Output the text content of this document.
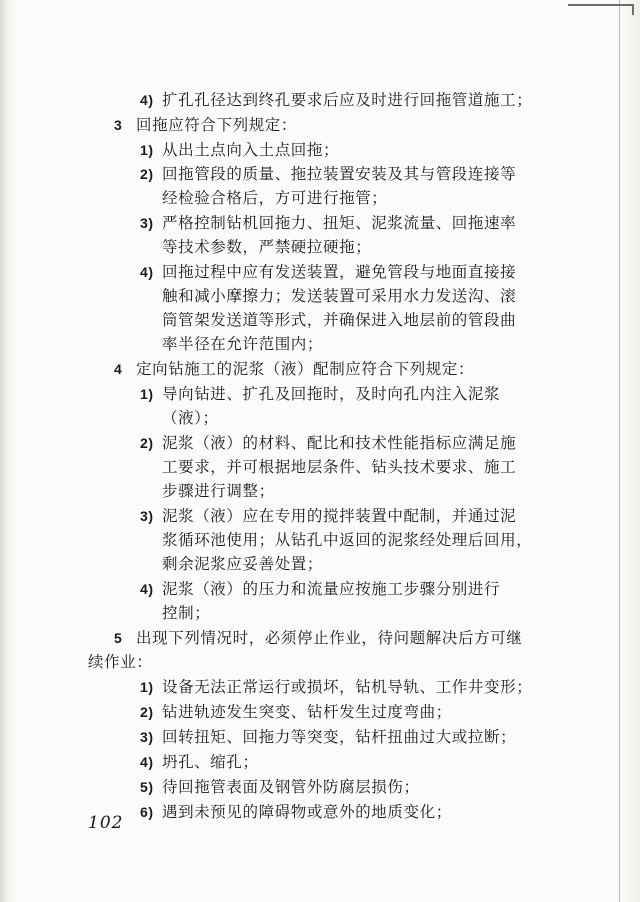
4) 扩孔孔径达到终孔要求后应及时进行回拖管道施工；
3 回拖应符合下列规定：
1) 从出土点向入土点回拖；
2) 回拖管段的质量、拖拉装置安装及其与管段连接等
经检验合格后，方可进行拖管；
3) 严格控制钻机回拖力、扭矩、泥浆流量、回拖速率
等技术参数，严禁硬拉硬拖；
4) 回拖过程中应有发送装置，避免管段与地面直接接
触和减小摩擦力；发送装置可采用水力发送沟、滚
筒管架发送道等形式，并确保进入地层前的管段曲
率半径在允许范围内；
4 定向钻施工的泥浆（液）配制应符合下列规定：
1) 导向钻进、扩孔及回拖时，及时向孔内注入泥浆
（液）；
2) 泥浆（液）的材料、配比和技术性能指标应满足施
工要求，并可根据地层条件、钻头技术要求、施工
步骤进行调整；
3) 泥浆（液）应在专用的搅拌装置中配制，并通过泥
浆循环池使用；从钻孔中返回的泥浆经处理后回用，
剩余泥浆应妥善处置；
4) 泥浆（液）的压力和流量应按施工步骤分别进行
控制；
5 出现下列情况时，必须停止作业，待问题解决后方可继
续作业：
1) 设备无法正常运行或损坏，钻机导轨、工作井变形；
2) 钻进轨迹发生突变、钻杆发生过度弯曲；
3) 回转扭矩、回拖力等突变，钻杆扭曲过大或拉断；
4) 坍孔、缩孔；
5) 待回拖管表面及钢管外防腐层损伤；
6) 遇到未预见的障碍物或意外的地质变化；
102
